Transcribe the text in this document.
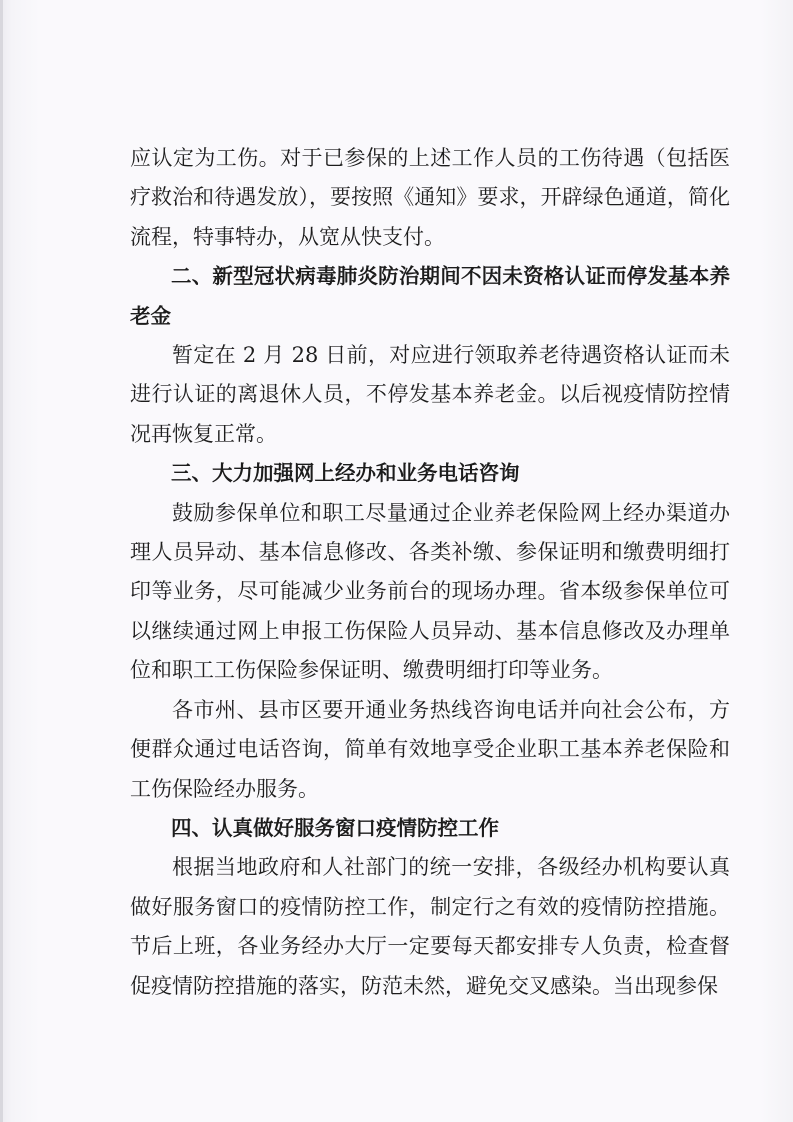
应认定为工伤。对于已参保的上述工作人员的工伤待遇（包括医疗救治和待遇发放），要按照《通知》要求，开辟绿色通道，简化流程，特事特办，从宽从快支付。

二、新型冠状病毒肺炎防治期间不因未资格认证而停发基本养老金

暂定在 2 月 28 日前，对应进行领取养老待遇资格认证而未进行认证的离退休人员，不停发基本养老金。以后视疫情防控情况再恢复正常。

三、大力加强网上经办和业务电话咨询

鼓励参保单位和职工尽量通过企业养老保险网上经办渠道办理人员异动、基本信息修改、各类补缴、参保证明和缴费明细打印等业务，尽可能减少业务前台的现场办理。省本级参保单位可以继续通过网上申报工伤保险人员异动、基本信息修改及办理单位和职工工伤保险参保证明、缴费明细打印等业务。

各市州、县市区要开通业务热线咨询电话并向社会公布，方便群众通过电话咨询，简单有效地享受企业职工基本养老保险和工伤保险经办服务。

四、认真做好服务窗口疫情防控工作

根据当地政府和人社部门的统一安排，各级经办机构要认真做好服务窗口的疫情防控工作，制定行之有效的疫情防控措施。节后上班，各业务经办大厅一定要每天都安排专人负责，检查督促疫情防控措施的落实，防范未然，避免交叉感染。当出现参保
